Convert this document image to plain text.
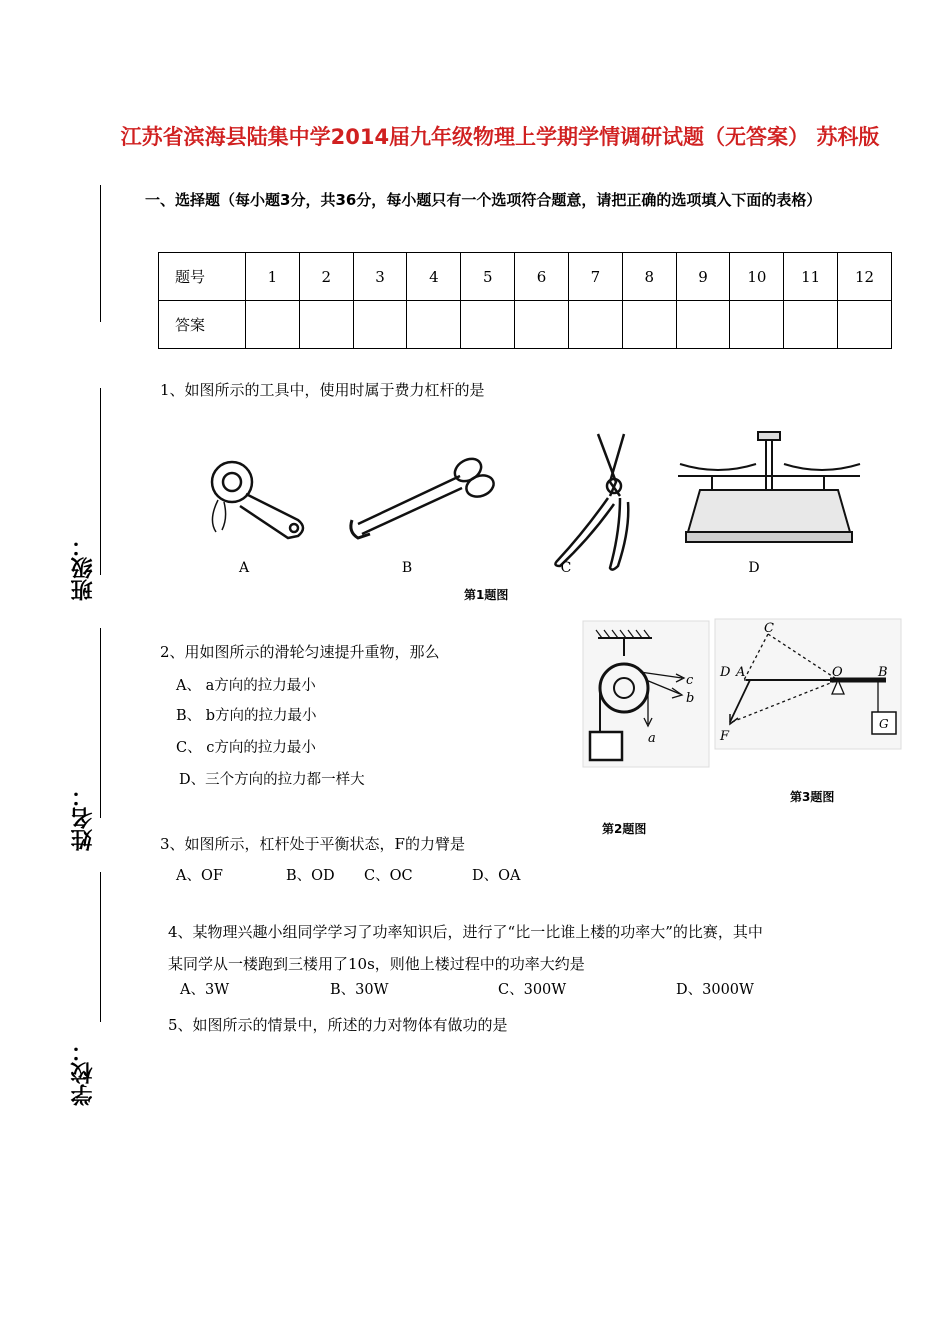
江苏省滨海县陆集中学2014届九年级物理上学期学情调研试题（无答案） 苏科版
一、选择题（每小题3分，共36分，每小题只有一个选项符合题意，请把正确的选项填入下面的表格）
题号	1	2	3	4	5	6	7	8	9	10	11	12
答案												
班级：
姓名：
学校：
1、如图所示的工具中，使用时属于费力杠杆的是
A	B	C	D
第1题图
2、用如图所示的滑轮匀速提升重物，那么
A、 a方向的拉力最小
B、 b方向的拉力最小
C、 c方向的拉力最小
D、三个方向的拉力都一样大
a
b
c
第2题图
C
D A	O	B
F
G
第3题图
3、如图所示，杠杆处于平衡状态，F的力臂是
A、OF	B、OD C、OC	D、OA
4、某物理兴趣小组同学学习了功率知识后，进行了“比一比谁上楼的功率大”的比赛，其中
某同学从一楼跑到三楼用了10s，则他上楼过程中的功率大约是
A、3W	B、30W	C、300W	D、3000W
5、如图所示的情景中，所述的力对物体有做功的是
